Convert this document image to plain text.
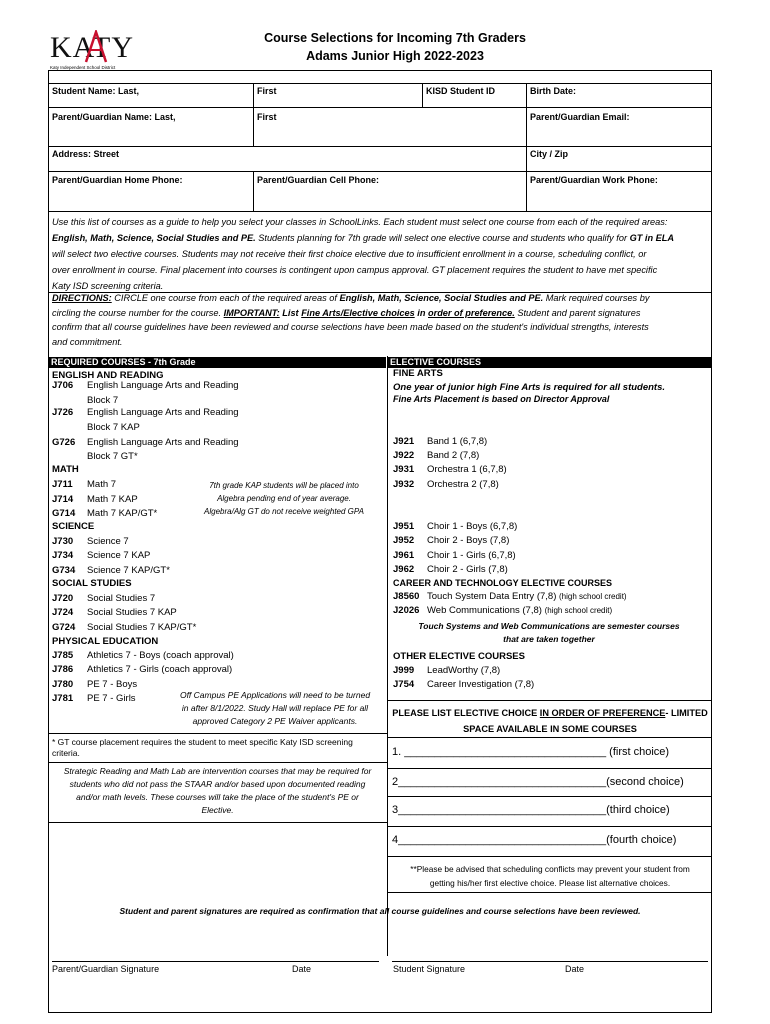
KATY
Katy Independent School District
Course Selections for Incoming 7th Graders
Adams Junior High 2022-2023
Student Name: Last,	First	KISD Student ID	Birth Date:
Parent/Guardian Name: Last,	First	Parent/Guardian Email:
Address: Street	City / Zip
Parent/Guardian Home Phone:	Parent/Guardian Cell Phone:	Parent/Guardian Work Phone:
Use this list of courses as a guide to help you select your classes in SchoolLinks. Each student must select one course from each of the required areas:
English, Math, Science, Social Studies and PE. Students planning for 7th grade will select one elective course and students who qualify for GT in ELA
will select two elective courses. Students may not receive their first choice elective due to insufficient enrollment in a course, scheduling conflict, or
over enrollment in course. Final placement into courses is contingent upon campus approval. GT placement requires the student to have met specific
Katy ISD screening criteria.
DIRECTIONS: CIRCLE one course from each of the required areas of English, Math, Science, Social Studies and PE. Mark required courses by
circling the course number for the course. IMPORTANT: List Fine Arts/Elective choices in order of preference. Student and parent signatures
confirm that all course guidelines have been reviewed and course selections have been made based on the student's individual strengths, interests
and commitment.
REQUIRED COURSES - 7th Grade
ENGLISH AND READING
J706 English Language Arts and Reading
Block 7
J726 English Language Arts and Reading
Block 7 KAP
G726 English Language Arts and Reading
Block 7 GT*
MATH
J711 Math 7
J714 Math 7 KAP
G714 Math 7 KAP/GT*
7th grade KAP students will be placed into
Algebra pending end of year average.
Algebra/Alg GT do not receive weighted GPA
SCIENCE
J730 Science 7
J734 Science 7 KAP
G734 Science 7 KAP/GT*
SOCIAL STUDIES
J720 Social Studies 7
J724 Social Studies 7 KAP
G724 Social Studies 7 KAP/GT*
PHYSICAL EDUCATION
J785 Athletics 7 - Boys (coach approval)
J786 Athletics 7 - Girls (coach approval)
J780 PE 7 - Boys
J781 PE 7 - Girls	Off Campus PE Applications will need to be turned
in after 8/1/2022. Study Hall will replace PE for all
approved Category 2 PE Waiver applicants.
* GT course placement requires the student to meet specific Katy ISD screening
criteria.
Strategic Reading and Math Lab are intervention courses that may be required for
students who did not pass the STAAR and/or based upon documented reading
and/or math levels. These courses will take the place of the student's PE or
Elective.
ELECTIVE COURSES
FINE ARTS
One year of junior high Fine Arts is required for all students.
Fine Arts Placement is based on Director Approval
J921 Band 1 (6,7,8)
J922 Band 2 (7,8)
J931 Orchestra 1 (6,7,8)
J932 Orchestra 2 (7,8)
J951 Choir 1 - Boys (6,7,8)
J952 Choir 2 - Boys (7,8)
J961 Choir 1 - Girls (6,7,8)
J962 Choir 2 - Girls (7,8)
CAREER AND TECHNOLOGY ELECTIVE COURSES
J8560 Touch System Data Entry (7,8) (high school credit)
J2026 Web Communications (7,8) (high school credit)
Touch Systems and Web Communications are semester courses
that are taken together
OTHER ELECTIVE COURSES
J999 LeadWorthy (7,8)
J754 Career Investigation (7,8)
PLEASE LIST ELECTIVE CHOICE IN ORDER OF PREFERENCE- LIMITED
SPACE AVAILABLE IN SOME COURSES
1. _________________________________ (first choice)
2__________________________________(second choice)
3__________________________________(third choice)
4__________________________________(fourth choice)
**Please be advised that scheduling conflicts may prevent your student from
getting his/her first elective choice. Please list alternative choices.
Student and parent signatures are required as confirmation that all course guidelines and course selections have been reviewed.
Parent/Guardian Signature	Date	Student Signature	Date
